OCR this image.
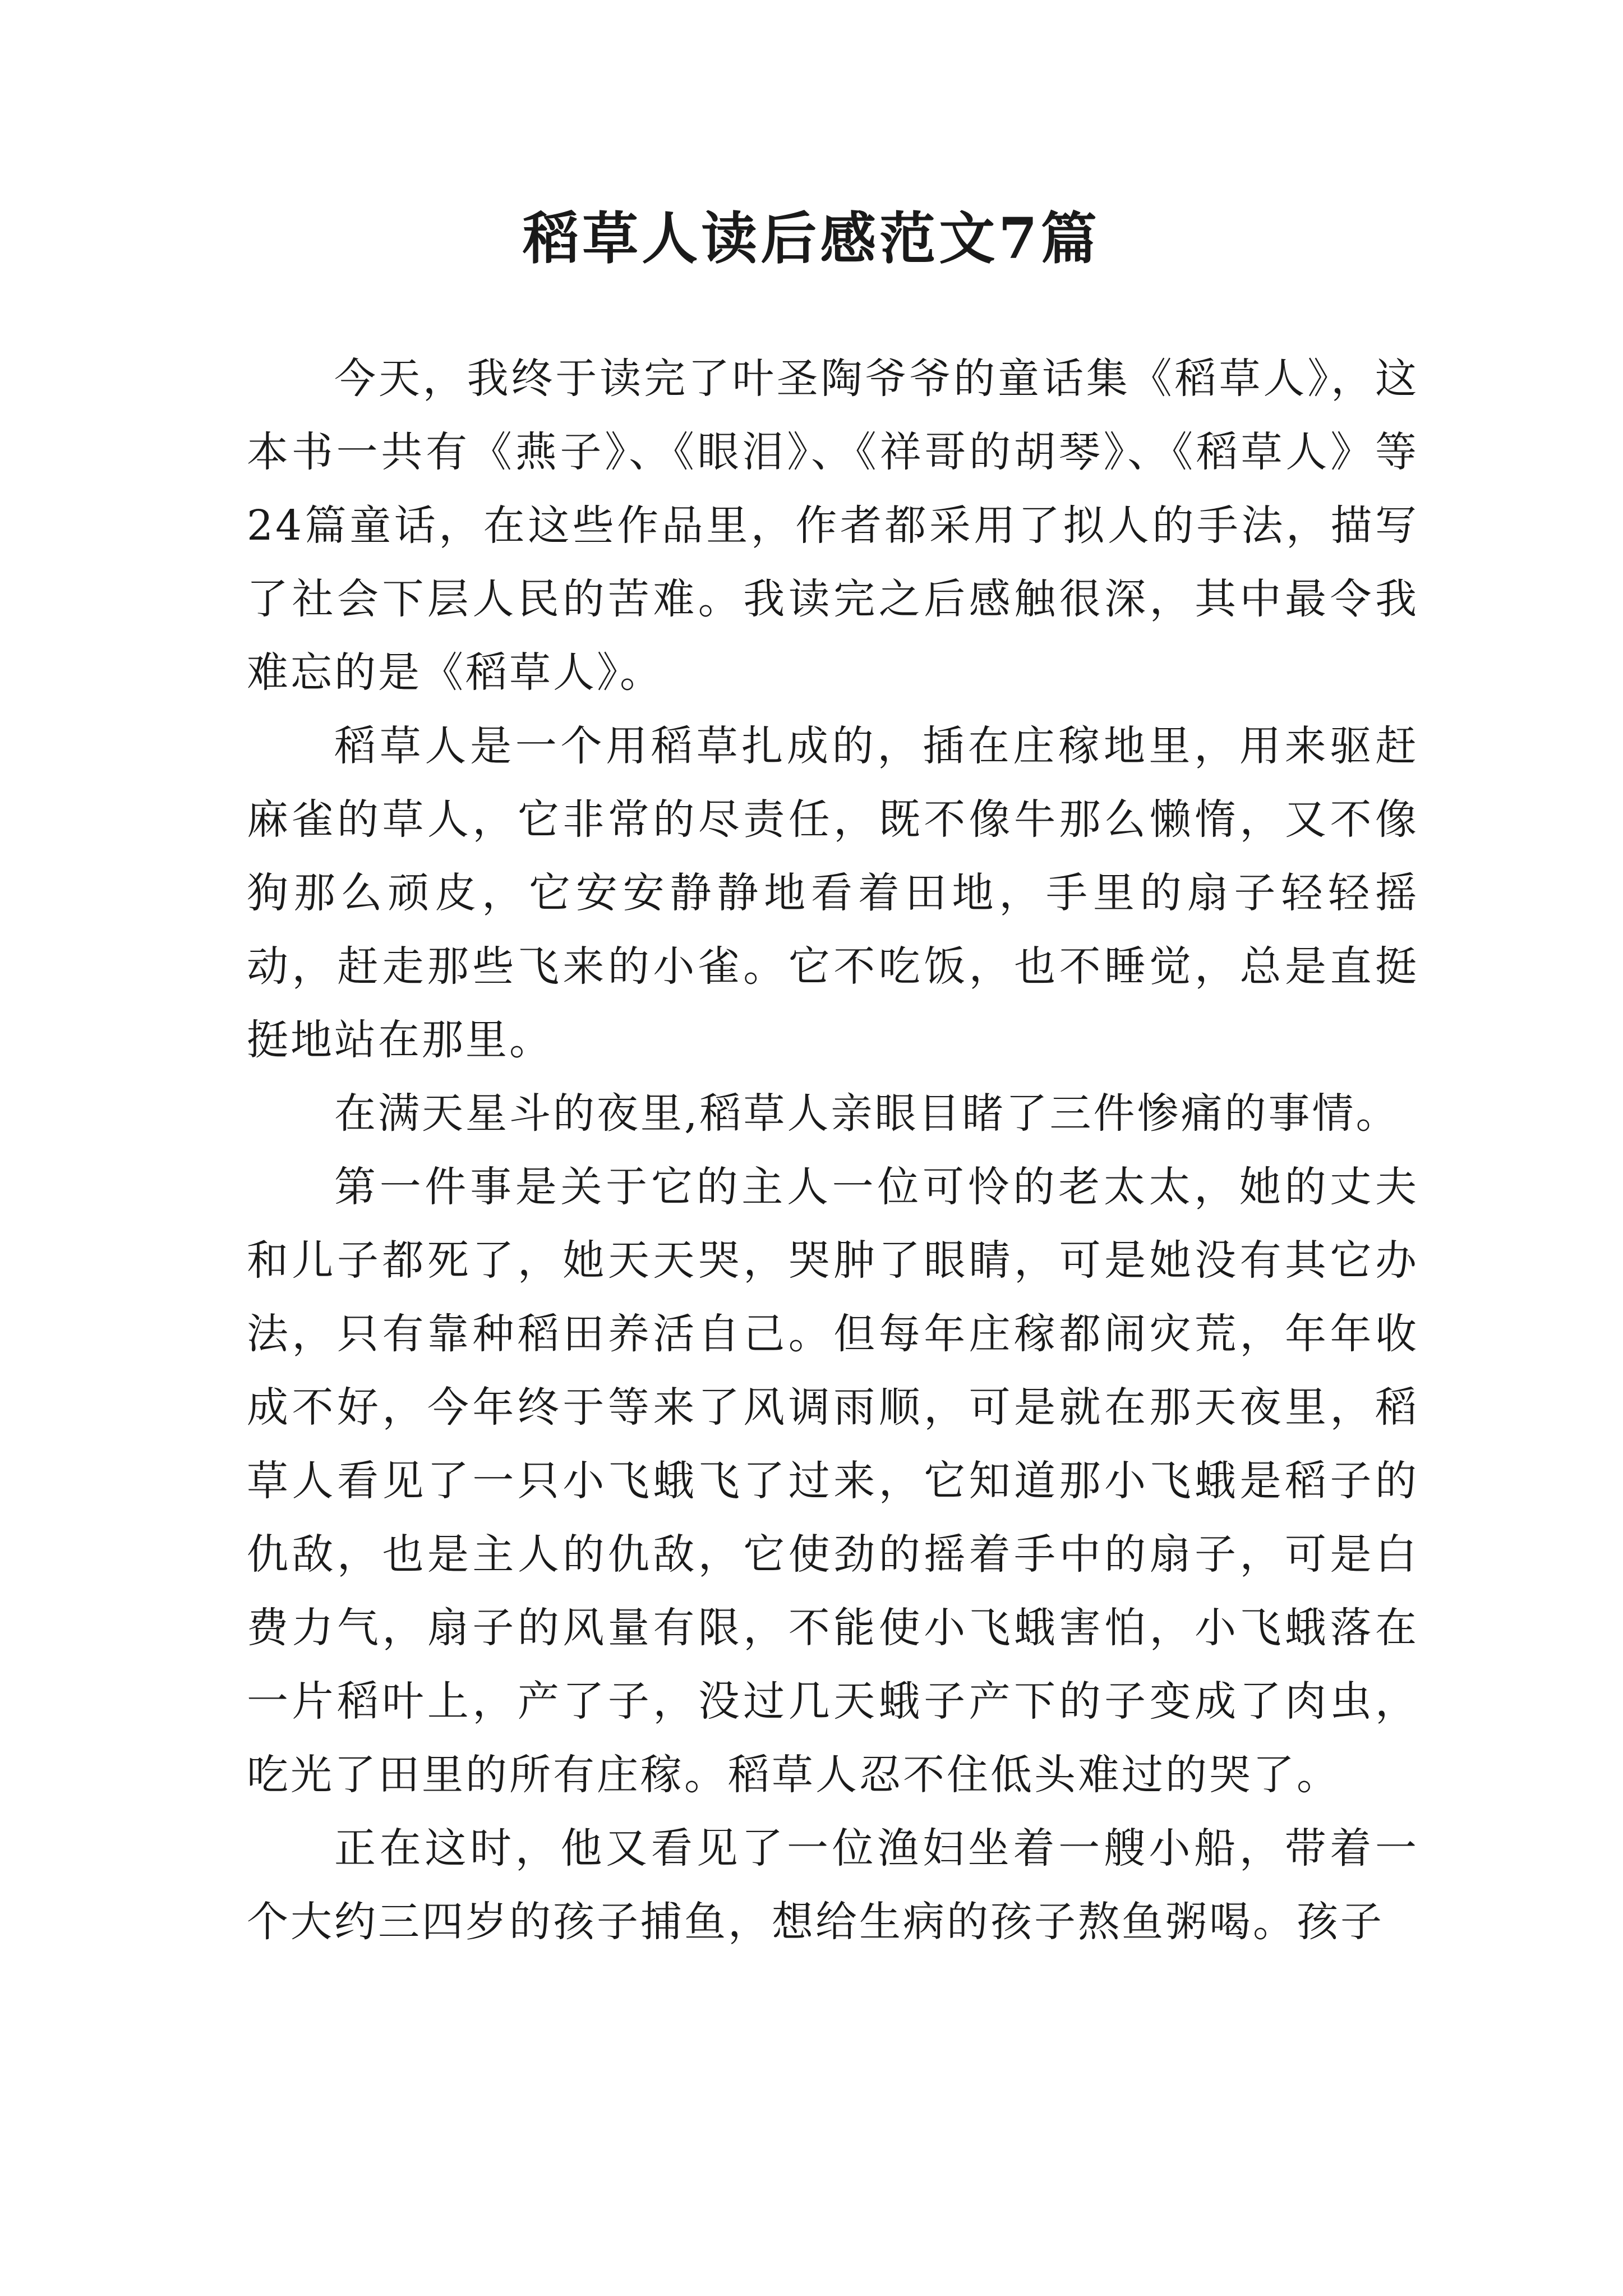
稻草人读后感范文7篇

今天，我终于读完了叶圣陶爷爷的童话集《稻草人》，这本书一共有《燕子》、《眼泪》、《祥哥的胡琴》、《稻草人》等24篇童话，在这些作品里，作者都采用了拟人的手法，描写了社会下层人民的苦难。我读完之后感触很深，其中最令我难忘的是《稻草人》。

稻草人是一个用稻草扎成的，插在庄稼地里，用来驱赶麻雀的草人，它非常的尽责任，既不像牛那么懒惰，又不像狗那么顽皮，它安安静静地看着田地，手里的扇子轻轻摇动，赶走那些飞来的小雀。它不吃饭，也不睡觉，总是直挺挺地站在那里。

在满天星斗的夜里,稻草人亲眼目睹了三件惨痛的事情。

第一件事是关于它的主人一位可怜的老太太，她的丈夫和儿子都死了，她天天哭，哭肿了眼睛，可是她没有其它办法，只有靠种稻田养活自己。但每年庄稼都闹灾荒，年年收成不好，今年终于等来了风调雨顺，可是就在那天夜里，稻草人看见了一只小飞蛾飞了过来，它知道那小飞蛾是稻子的仇敌，也是主人的仇敌，它使劲的摇着手中的扇子，可是白费力气，扇子的风量有限，不能使小飞蛾害怕，小飞蛾落在一片稻叶上，产了子，没过几天蛾子产下的子变成了肉虫，吃光了田里的所有庄稼。稻草人忍不住低头难过的哭了。

正在这时，他又看见了一位渔妇坐着一艘小船，带着一个大约三四岁的孩子捕鱼，想给生病的孩子熬鱼粥喝。孩子
